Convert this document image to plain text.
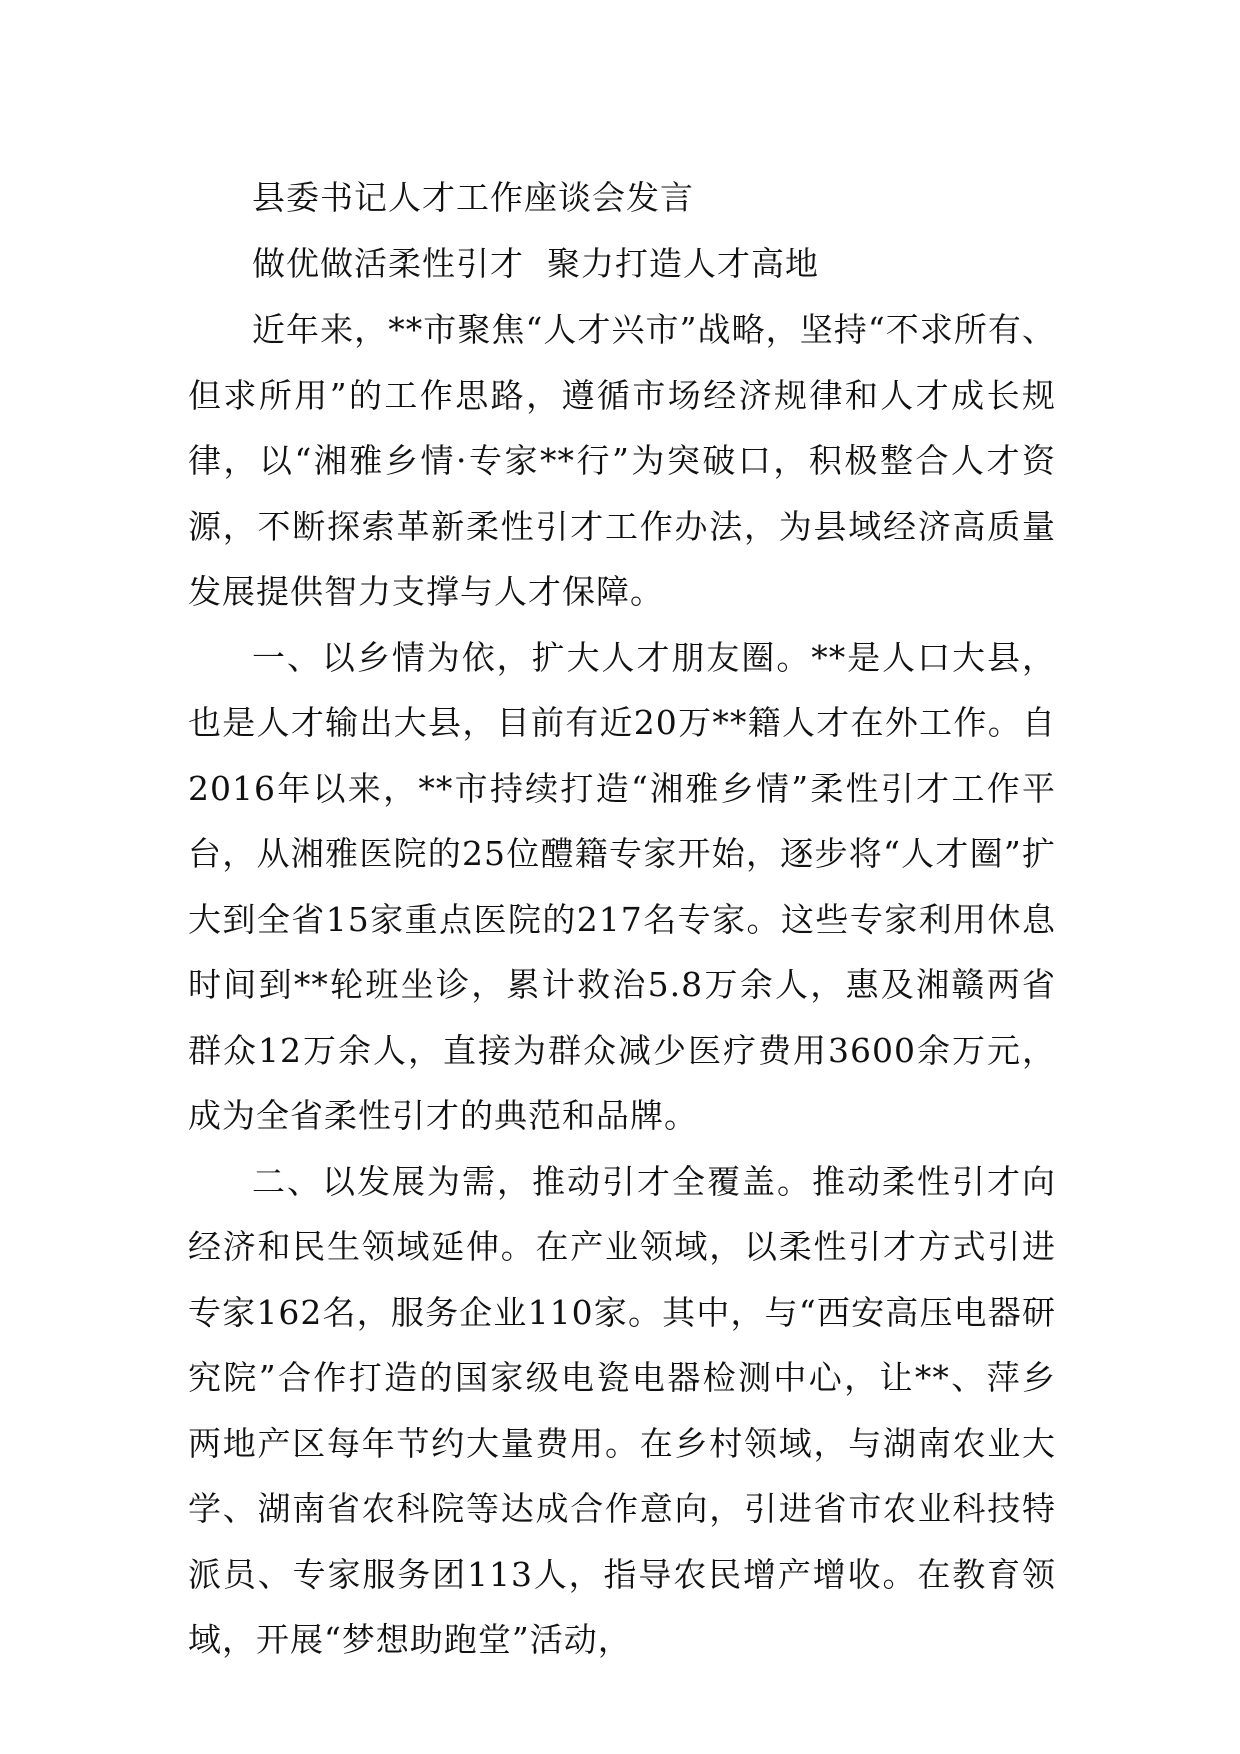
县委书记人才工作座谈会发言

做优做活柔性引才  聚力打造人才高地

近年来，**市聚焦“人才兴市”战略，坚持“不求所有、但求所用”的工作思路，遵循市场经济规律和人才成长规律，以“湘雅乡情·专家**行”为突破口，积极整合人才资源，不断探索革新柔性引才工作办法，为县域经济高质量发展提供智力支撑与人才保障。

一、以乡情为依，扩大人才朋友圈。**是人口大县，也是人才输出大县，目前有近20万**籍人才在外工作。自2016年以来，**市持续打造“湘雅乡情”柔性引才工作平台，从湘雅医院的25位醴籍专家开始，逐步将“人才圈”扩大到全省15家重点医院的217名专家。这些专家利用休息时间到**轮班坐诊，累计救治5.8万余人，惠及湘赣两省群众12万余人，直接为群众减少医疗费用3600余万元，成为全省柔性引才的典范和品牌。

二、以发展为需，推动引才全覆盖。推动柔性引才向经济和民生领域延伸。在产业领域，以柔性引才方式引进专家162名，服务企业110家。其中，与“西安高压电器研究院”合作打造的国家级电瓷电器检测中心，让**、萍乡两地产区每年节约大量费用。在乡村领域，与湖南农业大学、湖南省农科院等达成合作意向，引进省市农业科技特派员、专家服务团113人，指导农民增产增收。在教育领域，开展“梦想助跑堂”活动，
